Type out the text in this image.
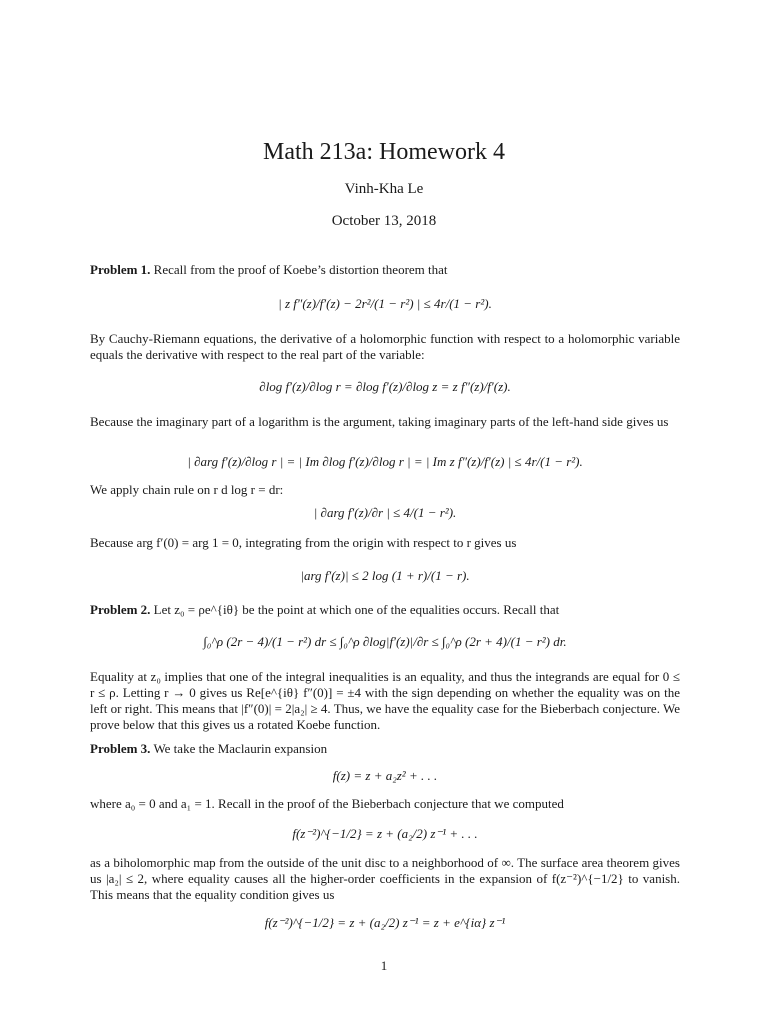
Math 213a: Homework 4
Vinh-Kha Le
October 13, 2018
Problem 1. Recall from the proof of Koebe’s distortion theorem that
| z f″(z)/f′(z) − 2r²/(1 − r²) | ≤ 4r/(1 − r²).
By Cauchy-Riemann equations, the derivative of a holomorphic function with respect to a holomorphic variable equals the derivative with respect to the real part of the variable:
∂log f′(z)/∂log r = ∂log f′(z)/∂log z = z f″(z)/f′(z).
Because the imaginary part of a logarithm is the argument, taking imaginary parts of the left-hand side gives us
| ∂arg f′(z)/∂log r | = | Im ∂log f′(z)/∂log r | = | Im z f″(z)/f′(z) | ≤ 4r/(1 − r²).
We apply chain rule on r d log r = dr:
| ∂arg f′(z)/∂r | ≤ 4/(1 − r²).
Because arg f′(0) = arg 1 = 0, integrating from the origin with respect to r gives us
|arg f′(z)| ≤ 2 log (1 + r)/(1 − r).
Problem 2. Let z₀ = ρe^{iθ} be the point at which one of the equalities occurs. Recall that
∫₀^ρ (2r − 4)/(1 − r²) dr ≤ ∫₀^ρ ∂log|f′(z)|/∂r ≤ ∫₀^ρ (2r + 4)/(1 − r²) dr.
Equality at z₀ implies that one of the integral inequalities is an equality, and thus the integrands are equal for 0 ≤ r ≤ ρ. Letting r → 0 gives us Re[e^{iθ} f″(0)] = ±4 with the sign depending on whether the equality was on the left or right. This means that |f″(0)| = 2|a₂| ≥ 4. Thus, we have the equality case for the Bieberbach conjecture. We prove below that this gives us a rotated Koebe function.
Problem 3. We take the Maclaurin expansion
f(z) = z + a₂z² + . . .
where a₀ = 0 and a₁ = 1. Recall in the proof of the Bieberbach conjecture that we computed
f(z⁻²)^{−1/2} = z + (a₂/2) z⁻¹ + . . .
as a biholomorphic map from the outside of the unit disc to a neighborhood of ∞. The surface area theorem gives us |a₂| ≤ 2, where equality causes all the higher-order coefficients in the expansion of f(z⁻²)^{−1/2} to vanish. This means that the equality condition gives us
f(z⁻²)^{−1/2} = z + (a₂/2) z⁻¹ = z + e^{iα} z⁻¹
1
